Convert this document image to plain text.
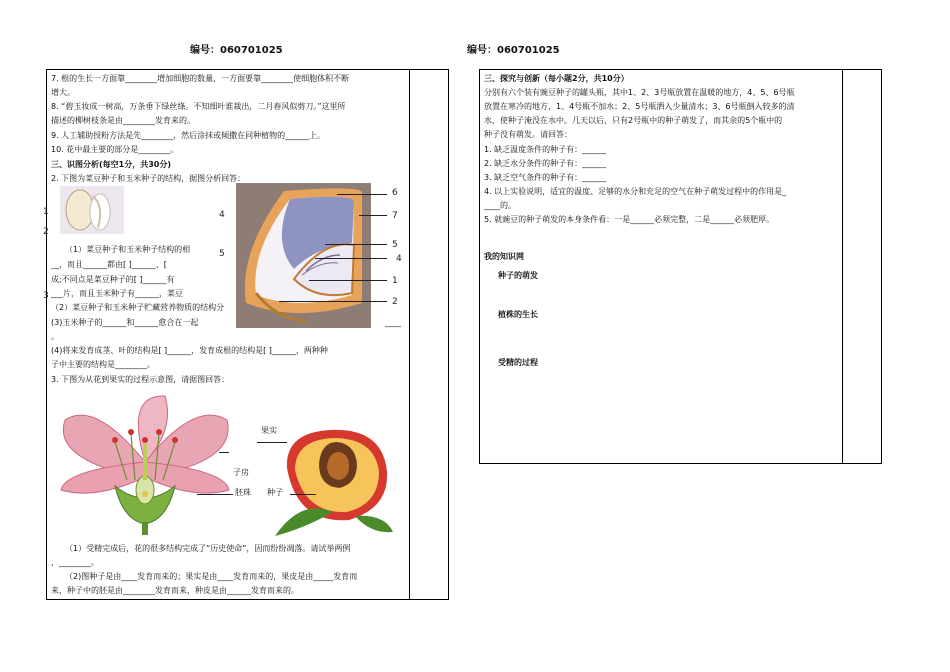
编号：060701025	编号：060701025
7. 根的生长一方面靠________增加细胞的数量，一方面要靠________使细胞体积不断
增大。
8. “碧玉妆成一树高，万条垂下绿丝绦。不知细叶谁裁出，二月春风似剪刀。”这里所
描述的柳树枝条是由________发育来的。
9. 人工辅助授粉方法是先________，然后涂抹或倾撒在同种植物的______上。
10. 花中最主要的部分是________。
三、识图分析(每空1分，共30分)
2. 下图为菜豆种子和玉米种子的结构，据图分析回答：
1
2
3
（1）菜豆种子和玉米种子结构的相
__，而且______都由[ ]______、[
成;不同点是菜豆种子的[ ]______有
___片，而且玉米种子有______，菜豆
（2）菜豆种子和玉米种子贮藏营养物质的结构分
(3)玉米种子的______和______愈合在一起	____
。
(4)将来发育成茎、叶的结构是[ ]______，发育成根的结构是[ ]______，两种种
子中主要的结构是________。
3. 下图为从花到果实的过程示意图，请据图回答：
4
5
6
7
5
4
1
2
子房
果实
胚珠 种子
（1）受精完成后，花的很多结构完成了“历史使命”，因而纷纷凋落。请试举两例
，________。
（2)图种子是由____发育而来的；果实是由____发育而来的，果皮是由_____发育而
来，种子中的胚是由________发育而来，种皮是由______发育而来的。
三、探究与创新（每小题2分，共10分）
分别有六个装有豌豆种子的罐头瓶，其中1、2、3号瓶放置在温暖的地方，4、5、6号瓶
放置在寒冷的地方，1、4号瓶不加水；2、5号瓶洒入少量清水；3、6号瓶倒入较多的清
水，使种子淹没在水中。几天以后，只有2号瓶中的种子萌发了，而其余的5个瓶中的
种子没有萌发。请回答：
1. 缺乏温度条件的种子有：______
2. 缺乏水分条件的种子有：______
3. 缺乏空气条件的种子有：______
4. 以上实验说明，适宜的温度、足够的水分和充足的空气在种子萌发过程中的作用是_
____的。
5. 就豌豆的种子萌发的本身条件看：一是______必须完整，二是______必须肥厚。
我的知识网
种子的萌发
植株的生长
受精的过程
